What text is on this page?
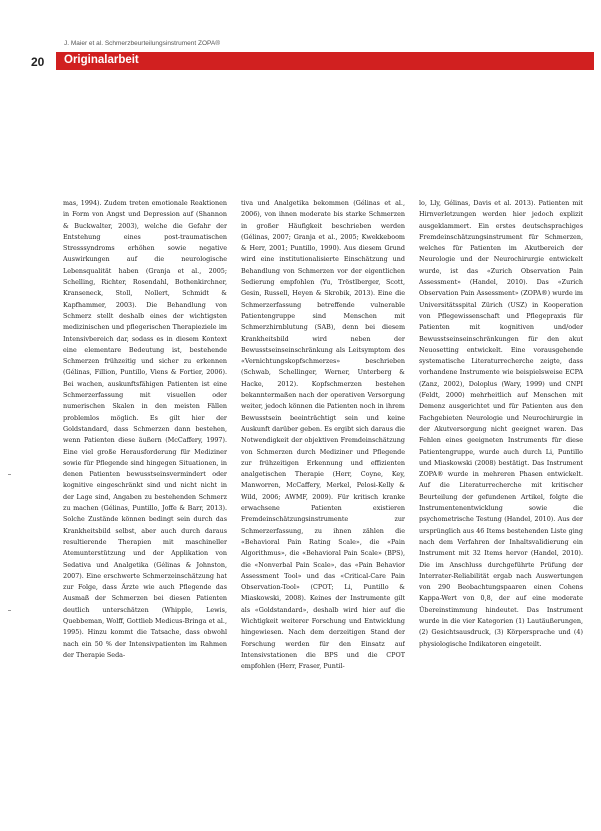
J. Maier et al. Schmerzbeurteilungsinstrument ZOPA®
20 Originalarbeit

mas, 1994). Zudem treten emotionale Reaktionen in Form von Angst und Depression auf (Shannon & Buckwalter, 2003), welche die Gefahr der Entstehung eines post-traumatischen Stresssyndroms erhöhen sowie negative Auswirkungen auf die neurologische Lebensqualität haben (Granja et al., 2005; Schelling, Richter, Rosendahl, Bothenkirchner, Kranseneck, Stoll, Nollert, Schmidt & Kapfhammer, 2003). Die Behandlung von Schmerz stellt deshalb eines der wichtigsten medizinischen und pflegerischen Therapieziele im Intensivbereich dar, sodass es in diesem Kontext eine elementare Bedeutung ist, bestehende Schmerzen frühzeitig und sicher zu erkennen (Gélinas, Fillion, Puntillo, Viens & Fortier, 2006). Bei wachen, auskunftsfähigen Patienten ist eine Schmerzerfassung mit visuellen oder numerischen Skalen in den meisten Fällen problemlos möglich. Es gilt hier der Goldstandard, dass Schmerzen dann bestehen, wenn Patienten diese äußern (McCaffery, 1997). Eine viel große Herausforderung für Mediziner sowie für Pflegende sind hingegen Situationen, in denen Patienten bewusstseinsvermindert oder kognitive eingeschränkt sind und nicht nicht in der Lage sind, Angaben zu bestehenden Schmerz zu machen (Gélinas, Puntillo, Joffe & Barr, 2013). Solche Zustände können bedingt sein durch das Krankheitsbild selbst, aber auch durch daraus resultierende Therapien mit maschineller Atemunterstützung und der Applikation von Sedativa und Analgetika (Gélinas & Johnston, 2007). Eine erschwerte Schmerzeinschätzung hat zur Folge, dass Ärzte wie auch Pflegende das Ausmaß der Schmerzen bei diesen Patienten deutlich unterschätzen (Whipple, Lewis, Quebbeman, Wolff, Gottlieb Medicus-Bringa et al., 1995). Hinzu kommt die Tatsache, dass obwohl nach ein 50 % der Intensivpatienten im Rahmen der Therapie Seda-

tiva und Analgetika bekommen (Gélinas et al., 2006), von ihnen moderate bis starke Schmerzen in großer Häufigkeit beschrieben werden (Gélinas, 2007; Granja et al., 2005; Kwekkeboom & Herr, 2001; Puntillo, 1990). Aus diesem Grund wird eine institutionalisierte Einschätzung und Behandlung von Schmerzen vor der eigentlichen Sedierung empfohlen (Yu, Tröstlberger, Scott, Gesin, Russell, Heyen & Skrobik, 2013). Eine die Schmerzerfassung betreffende vulnerable Patientengruppe sind Menschen mit Schmerzhirnblutung (SAB), denn bei diesem Krankheitsbild wird neben der Bewusstseinseinschränkung als Leitsymptom des «Vernichtungskopfschmerzes» beschrieben (Schwab, Schellinger, Werner, Unterberg & Hacke, 2012). Kopfschmerzen bestehen bekanntermaßen nach der operativen Versorgung weiter, jedoch können die Patienten noch in ihrem Bewusstsein beeinträchtigt sein und keine Auskunft darüber geben. Es ergibt sich daraus die Notwendigkeit der objektiven Fremdeinschätzung von Schmerzen durch Mediziner und Pflegende zur frühzeitigen Erkennung und effizienten analgetischen Therapie (Herr, Coyne, Key, Manworren, McCaffery, Merkel, Pelosi-Kelly & Wild, 2006; AWMF, 2009). Für kritisch kranke erwachsene Patienten existieren Fremdeinschätzungsinstrumente zur Schmerzerfassung, zu ihnen zählen die «Behavioral Pain Rating Scale», die «Pain Algorithmus», die «Behavioral Pain Scale» (BPS), die «Nonverbal Pain Scale», das «Pain Behavior Assessment Tool» und das «Critical-Care Pain Observation-Tool» (CPOT; Li, Puntillo & Miaskowski, 2008). Keines der Instrumente gilt als «Goldstandard», deshalb wird hier auf die Wichtigkeit weiterer Forschung und Entwicklung hingewiesen. Nach dem derzeitigen Stand der Forschung werden für den Einsatz auf Intensivstationen die BPS und die CPOT empfohlen (Herr, Fraser, Puntil-

lo, Lly, Gélinas, Davis et al. 2013). Patienten mit Hirnverletzungen werden hier jedoch explizit ausgeklammert. Ein erstes deutschsprachiges Fremdeinschätzungsinstrument für Schmerzen, welches für Patienten im Akutbereich der Neurologie und der Neurochirurgie entwickelt wurde, ist das «Zurich Observation Pain Assessment» (Handel, 2010). Das «Zurich Observation Pain Assessment» (ZOPA®) wurde im Universitätsspital Zürich (USZ) in Kooperation von Pflegewissenschaft und Pflegepraxis für Patienten mit kognitiven und/oder Bewusstseinseinschränkungen für den akut Neuosetting entwickelt. Eine vorausgehende systematische Literaturrecherche zeigte, dass vorhandene Instrumente wie beispielsweise ECPA (Zanz, 2002), Doloplus (Wary, 1999) und CNPI (Feldt, 2000) mehrheitlich auf Menschen mit Demenz ausgerichtet und für Patienten aus den Fachgebieten Neurologie und Neurochirurgie in der Akutversorgung nicht geeignet waren. Das Fehlen eines geeigneten Instruments für diese Patientengruppe, wurde auch durch Li, Puntillo und Miaskowski (2008) bestätigt. Das Instrument ZOPA® wurde in mehreren Phasen entwickelt. Auf die Literaturrecherche mit kritischer Beurteilung der gefundenen Artikel, folgte die Instrumentenentwicklung sowie die psychometrische Testung (Handel, 2010). Aus der ursprünglich aus 46 Items bestehenden Liste ging nach dem Verfahren der Inhaltsvalidierung ein Instrument mit 32 Items hervor (Handel, 2010). Die im Anschluss durchgeführte Prüfung der Interrater-Reliabilität ergab nach Auswertungen von 290 Beobachtungspaaren einen Cohens Kappa-Wert von 0,8, der auf eine moderate Übereinstimmung hindeutet. Das Instrument wurde in die vier Kategorien (1) Lautäußerungen, (2) Gesichtsausdruck, (3) Körpersprache und (4) physiologische Indikatoren eingeteilt.
